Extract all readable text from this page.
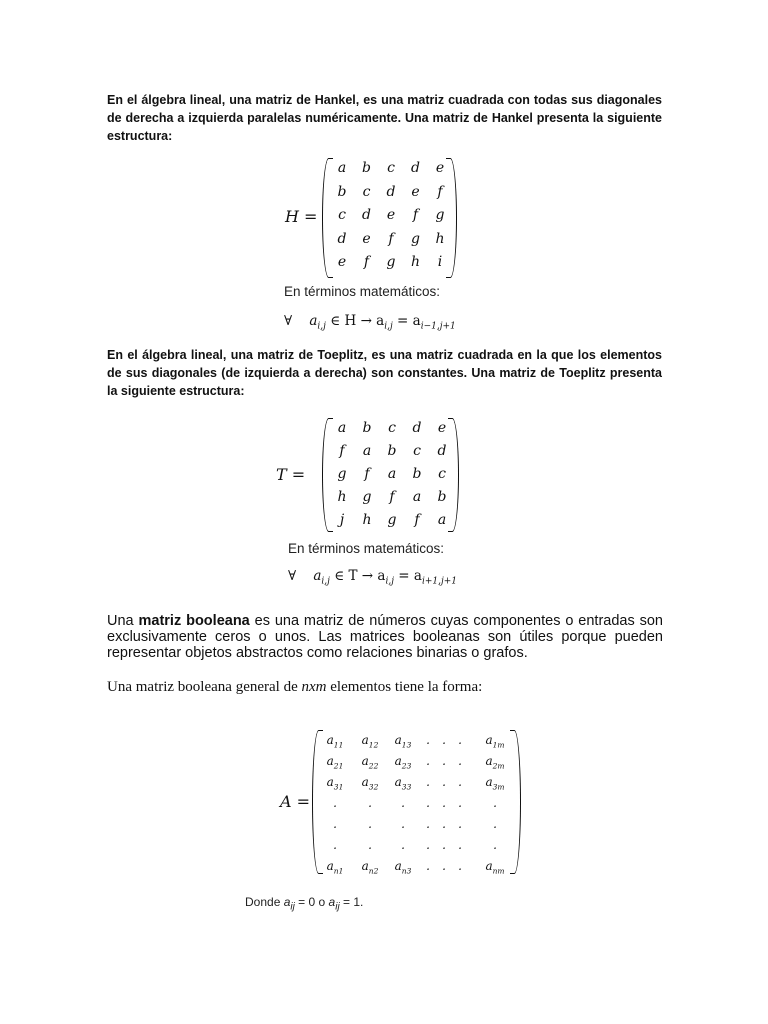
En el álgebra lineal, una matriz de Hankel, es una matriz cuadrada con todas sus diagonales de derecha a izquierda paralelas numéricamente. Una matriz de Hankel presenta la siguiente estructura:
H =
a	b	c	d	e
b	c	d	e	f
c	d	e	f	g
d	e	f	g	h
e	f	g	h	i
En términos matemáticos:
∀ $a_{i,j}$ ∈ $H \to a_{i,j} = a_{i-1,j+1}$
En el álgebra lineal, una matriz de Toeplitz, es una matriz cuadrada en la que los elementos de sus diagonales (de izquierda a derecha) son constantes. Una matriz de Toeplitz presenta la siguiente estructura:
T =
a	b	c	d	e
f	a	b	c	d
g	f	a	b	c
h	g	f	a	b
j	h	g	f	a
En términos matemáticos:
∀ $a_{i,j}$ ∈ $T \to a_{i,j} = a_{i+1,j+1}$
Una matriz booleana es una matriz de números cuyas componentes o entradas son exclusivamente ceros o unos. Las matrices booleanas son útiles porque pueden representar objetos abstractos como relaciones binarias o grafos.
Una matriz booleana general de nxm elementos tiene la forma:
A =
$a_{11}$	$a_{12}$	$a_{13}$	.	.	.	$a_{1m}$
$a_{21}$	$a_{22}$	$a_{23}$	.	.	.	$a_{2m}$
$a_{31}$	$a_{32}$	$a_{33}$	.	.	.	$a_{3m}$
.	.	.	.	.	.	.
.	.	.	.	.	.	.
.	.	.	.	.	.	.
$a_{n1}$	$a_{n2}$	$a_{n3}$	.	.	.	$a_{nm}$
Donde $a_{ij} = 0$ o $a_{ij} = 1$.
